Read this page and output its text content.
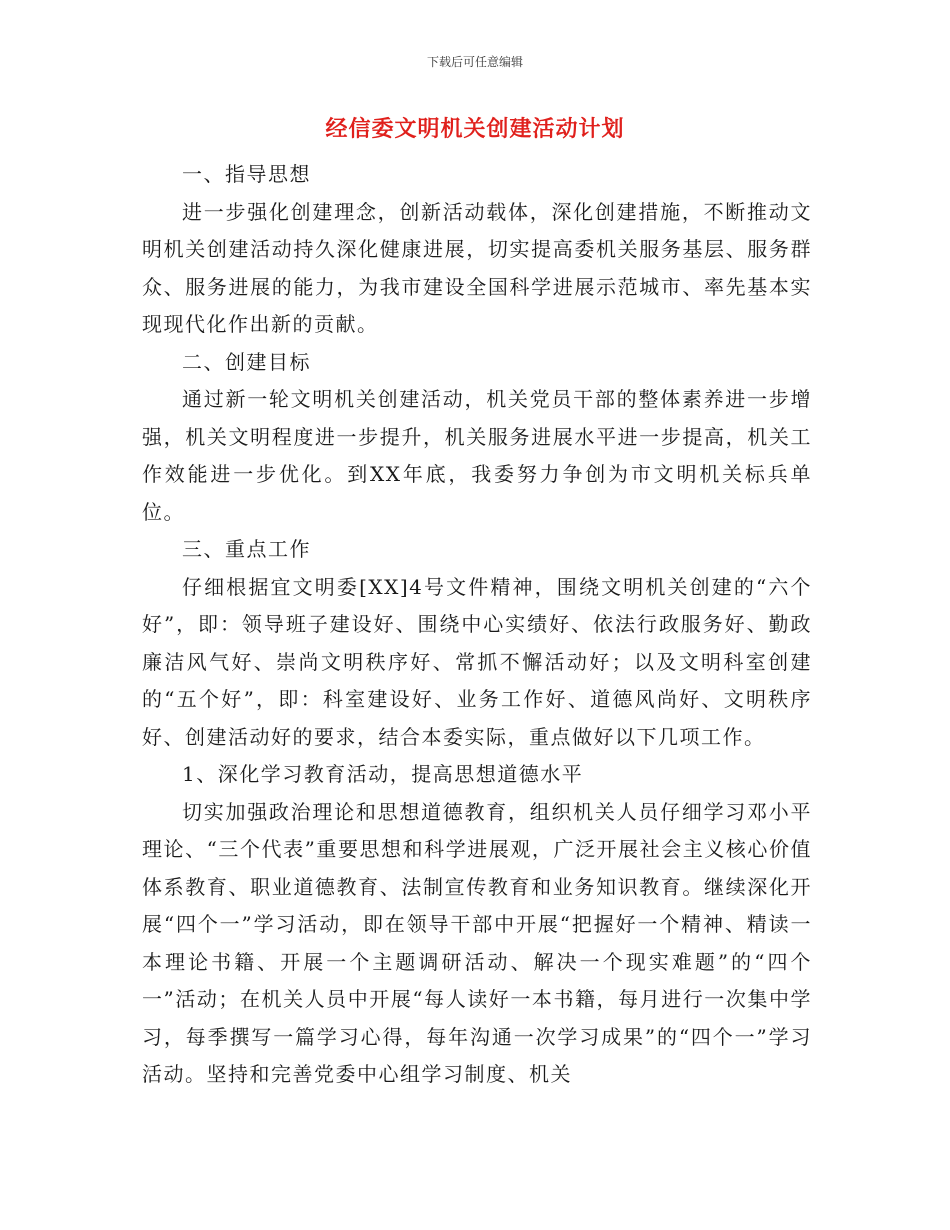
下载后可任意编辑
经信委文明机关创建活动计划

一、指导思想

进一步强化创建理念，创新活动载体，深化创建措施，不断推动文明机关创建活动持久深化健康进展，切实提高委机关服务基层、服务群众、服务进展的能力，为我市建设全国科学进展示范城市、率先基本实现现代化作出新的贡献。

二、创建目标

通过新一轮文明机关创建活动，机关党员干部的整体素养进一步增强，机关文明程度进一步提升，机关服务进展水平进一步提高，机关工作效能进一步优化。到XX年底，我委努力争创为市文明机关标兵单位。

三、重点工作

仔细根据宜文明委[XX]4号文件精神，围绕文明机关创建的“六个好”，即：领导班子建设好、围绕中心实绩好、依法行政服务好、勤政廉洁风气好、崇尚文明秩序好、常抓不懈活动好；以及文明科室创建的“五个好”，即：科室建设好、业务工作好、道德风尚好、文明秩序好、创建活动好的要求，结合本委实际，重点做好以下几项工作。

1、深化学习教育活动，提高思想道德水平

切实加强政治理论和思想道德教育，组织机关人员仔细学习邓小平理论、“三个代表”重要思想和科学进展观，广泛开展社会主义核心价值体系教育、职业道德教育、法制宣传教育和业务知识教育。继续深化开展“四个一”学习活动，即在领导干部中开展“把握好一个精神、精读一本理论书籍、开展一个主题调研活动、解决一个现实难题”的“四个一”活动；在机关人员中开展“每人读好一本书籍，每月进行一次集中学习，每季撰写一篇学习心得，每年沟通一次学习成果”的“四个一”学习活动。坚持和完善党委中心组学习制度、机关
